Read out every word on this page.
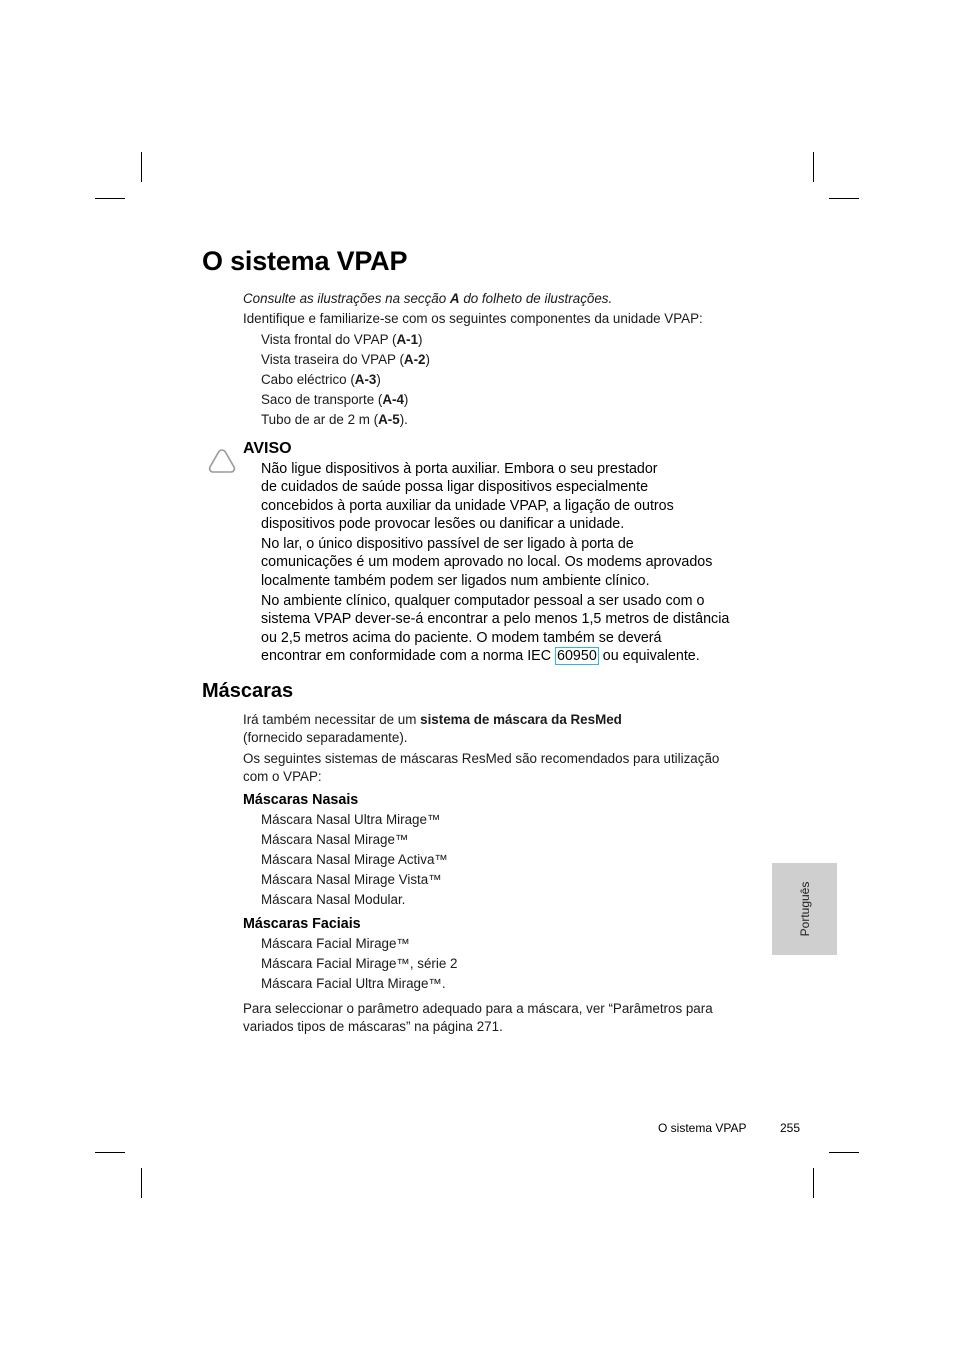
O sistema VPAP
Consulte as ilustrações na secção A do folheto de ilustrações.
Identifique e familiarize-se com os seguintes componentes da unidade VPAP:
Vista frontal do VPAP (A-1)
Vista traseira do VPAP (A-2)
Cabo eléctrico (A-3)
Saco de transporte (A-4)
Tubo de ar de 2 m (A-5).
AVISO
Não ligue dispositivos à porta auxiliar. Embora o seu prestador
de cuidados de saúde possa ligar dispositivos especialmente
concebidos à porta auxiliar da unidade VPAP, a ligação de outros
dispositivos pode provocar lesões ou danificar a unidade.
No lar, o único dispositivo passível de ser ligado à porta de
comunicações é um modem aprovado no local. Os modems aprovados
localmente também podem ser ligados num ambiente clínico.
No ambiente clínico, qualquer computador pessoal a ser usado com o
sistema VPAP dever-se-á encontrar a pelo menos 1,5 metros de distância
ou 2,5 metros acima do paciente. O modem também se deverá
encontrar em conformidade com a norma IEC 60950 ou equivalente.
Máscaras
Irá também necessitar de um sistema de máscara da ResMed
(fornecido separadamente).
Os seguintes sistemas de máscaras ResMed são recomendados para utilização
com o VPAP:
Máscaras Nasais
Máscara Nasal Ultra Mirage™
Máscara Nasal Mirage™
Máscara Nasal Mirage Activa™
Máscara Nasal Mirage Vista™
Máscara Nasal Modular.
Máscaras Faciais
Máscara Facial Mirage™
Máscara Facial Mirage™, série 2
Máscara Facial Ultra Mirage™.
Para seleccionar o parâmetro adequado para a máscara, ver “Parâmetros para
variados tipos de máscaras” na página 271.
Português
O sistema VPAP	255
